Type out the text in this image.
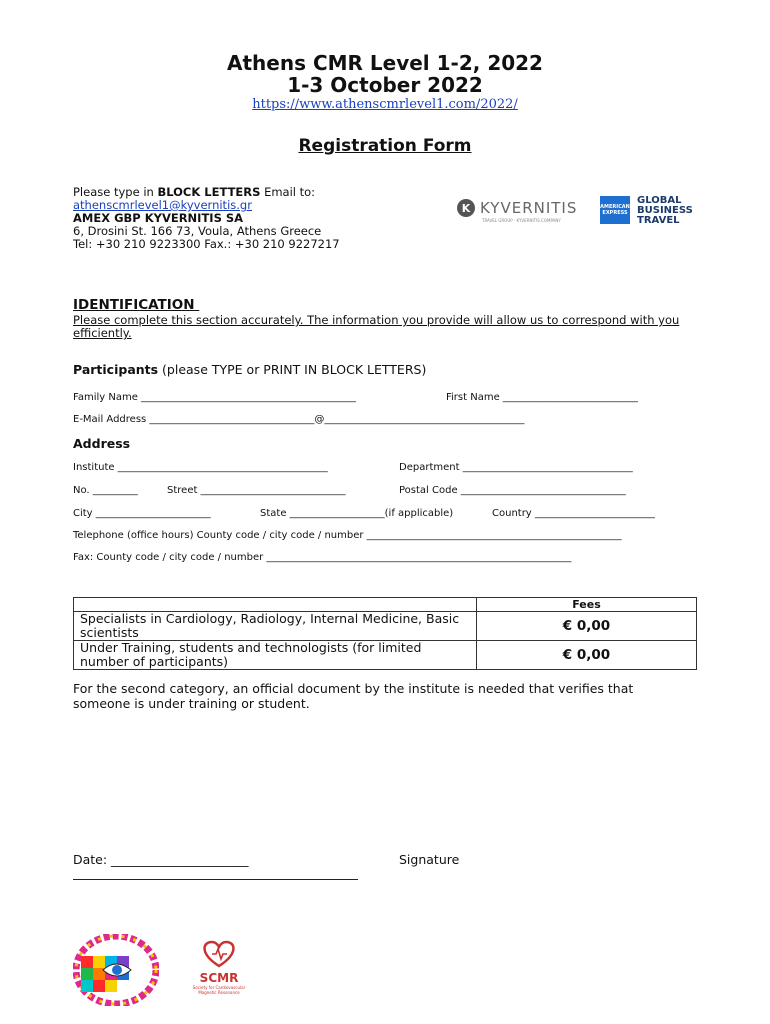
Athens CMR Level 1-2, 2022
1-3 October 2022
https://www.athenscmrlevel1.com/2022/
Registration Form
Please type in BLOCK LETTERS Email to:
athenscmrlevel1@kyvernitis.gr
AMEX GBP KYVERNITIS SA
6, Drosini St. 166 73, Voula, Athens Greece
Tel: +30 210 9223300 Fax.: +30 210 9227217
K KYVERNITIS
TRAVEL GROUP · KYVERNITIS COMPANY
AMERICAN EXPRESS
GLOBAL
BUSINESS
TRAVEL
IDENTIFICATION
Please complete this section accurately. The information you provide will allow us to correspond with you efficiently.
Participants (please TYPE or PRINT IN BLOCK LETTERS)
Family Name ___________________________________________	First Name ___________________________
E-Mail Address _________________________________@________________________________________
Address
Institute __________________________________________	Department __________________________________
No. _________	Street _____________________________	Postal Code _________________________________
City _______________________	State ___________________(if applicable)	Country ________________________
Telephone (office hours) County code / city code / number ___________________________________________________
Fax: County code / city code / number _____________________________________________________________
	Fees
Specialists in Cardiology, Radiology, Internal Medicine, Basic scientists	€ 0,00
Under Training, students and technologists (for limited number of participants)	€ 0,00
For the second category, an official document by the institute is needed that verifies that someone is under training or student.
Date: ______________________	Signature
SCMR
Society for Cardiovascular Magnetic Resonance
